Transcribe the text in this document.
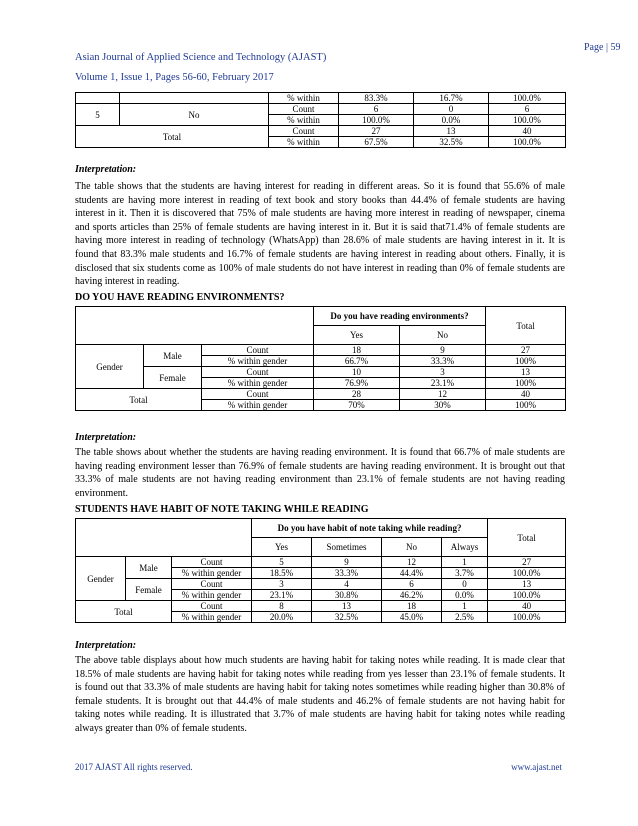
Page | 59
Asian Journal of Applied Science and Technology (AJAST)
Volume 1, Issue 1, Pages 56-60, February 2017
		% within	83.3%	16.7%	100.0%
5	No	Count	6	0	6
		% within	100.0%	0.0%	100.0%
Total		Count	27	13	40
		% within	67.5%	32.5%	100.0%
Interpretation:

The table shows that the students are having interest for reading in different areas. So it is found that 55.6% of male students are having more interest in reading of text book and story books than 44.4% of female students are having interest in it. Then it is discovered that 75% of male students are having more interest in reading of newspaper, cinema and sports articles than 25% of female students are having interest in it. But it is said that71.4% of female students are having more interest in reading of technology (WhatsApp) than 28.6% of male students are having interest in it. It is found that 83.3% male students and 16.7% of female students are having interest in reading about others. Finally, it is disclosed that six students come as 100% of male students do not have interest in reading than 0% of female students are having interest in reading.

DO YOU HAVE READING ENVIRONMENTS?
			Do you have reading environments?		Total
			Yes	No	
Gender	Male	Count	18	9	27
		% within gender	66.7%	33.3%	100%
	Female	Count	10	3	13
		% within gender	76.9%	23.1%	100%
Total		Count	28	12	40
		% within gender	70%	30%	100%
Interpretation:

The table shows about whether the students are having reading environment. It is found that 66.7% of male students are having reading environment lesser than 76.9% of female students are having reading environment. It is brought out that 33.3% of male students are not having reading environment than 23.1% of female students are not having reading environment.

STUDENTS HAVE HABIT OF NOTE TAKING WHILE READING
			Do you have habit of note taking while reading?				Total
			Yes	Sometimes	No	Always	
Gender	Male	Count	5	9	12	1	27
		% within gender	18.5%	33.3%	44.4%	3.7%	100.0%
	Female	Count	3	4	6	0	13
		% within gender	23.1%	30.8%	46.2%	0.0%	100.0%
Total		Count	8	13	18	1	40
		% within gender	20.0%	32.5%	45.0%	2.5%	100.0%
Interpretation:

The above table displays about how much students are having habit for taking notes while reading. It is made clear that 18.5% of male students are having habit for taking notes while reading from yes lesser than 23.1% of female students. It is found out that 33.3% of male students are having habit for taking notes sometimes while reading higher than 30.8% of female students. It is brought out that 44.4% of male students and 46.2% of female students are not having habit for taking notes while reading. It is illustrated that 3.7% of male students are having habit for taking notes while reading always greater than 0% of female students.

2017 AJAST All rights reserved.	www.ajast.net
